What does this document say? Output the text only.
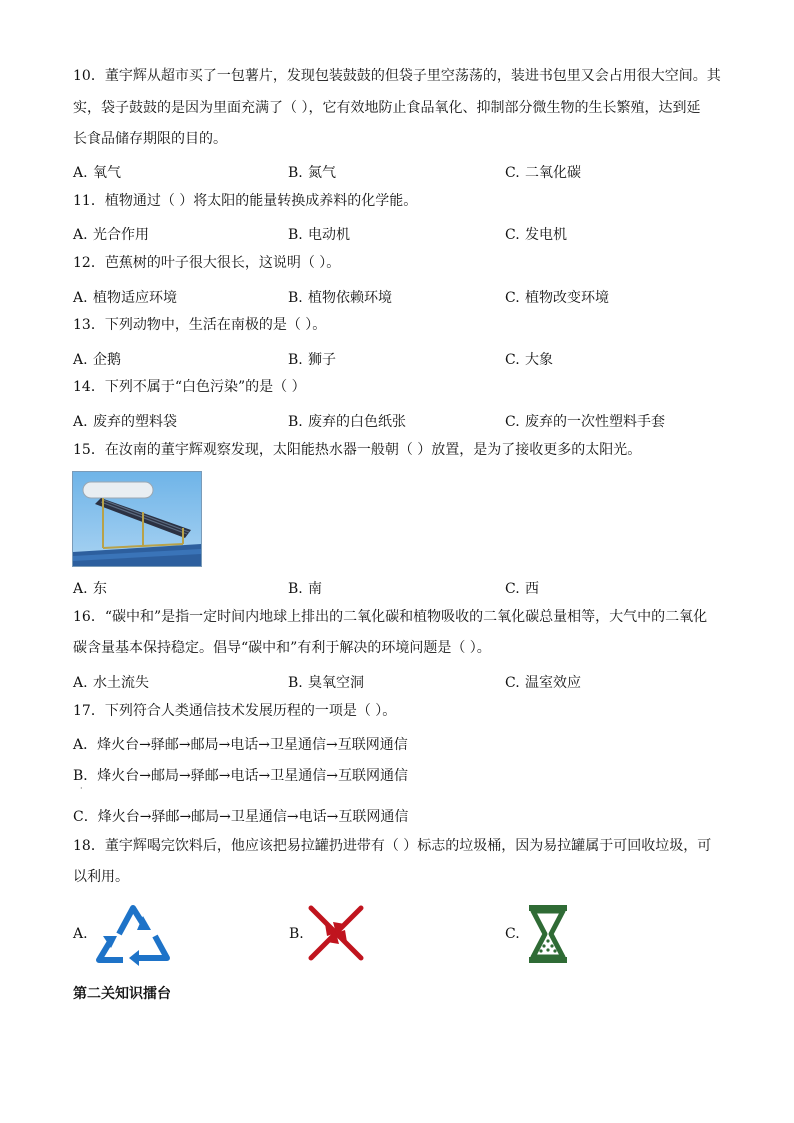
10．董宇辉从超市买了一包薯片，发现包装鼓鼓的但袋子里空荡荡的，装进书包里又会占用很大空间。其

实，袋子鼓鼓的是因为里面充满了（ ），它有效地防止食品氧化、抑制部分微生物的生长繁殖，达到延

长食品储存期限的目的。

A. 氧气	B. 氮气	C. 二氧化碳

11．植物通过（ ）将太阳的能量转换成养料的化学能。

A. 光合作用	B. 电动机	C. 发电机

12．芭蕉树的叶子很大很长，这说明（ ）。

A. 植物适应环境	B. 植物依赖环境	C. 植物改变环境

13．下列动物中，生活在南极的是（ ）。

A. 企鹅	B. 狮子	C. 大象

14．下列不属于“白色污染”的是（ ）

A. 废弃的塑料袋	B. 废弃的白色纸张	C. 废弃的一次性塑料手套

15．在汝南的董宇辉观察发现，太阳能热水器一般朝（ ）放置，是为了接收更多的太阳光。

A. 东	B. 南	C. 西

16．“碳中和”是指一定时间内地球上排出的二氧化碳和植物吸收的二氧化碳总量相等，大气中的二氧化

碳含量基本保持稳定。倡导“碳中和”有利于解决的环境问题是（ ）。

A. 水土流失	B. 臭氧空洞	C. 温室效应

17．下列符合人类通信技术发展历程的一项是（ ）。

A．烽火台→驿邮→邮局→电话→卫星通信→互联网通信
B．烽火台→邮局→驿邮→电话→卫星通信→互联网通信
·
C．烽火台→驿邮→邮局→卫星通信→电话→互联网通信

18．董宇辉喝完饮料后，他应该把易拉罐扔进带有（ ）标志的垃圾桶，因为易拉罐属于可回收垃圾，可

以利用。

A.	B.	C.
第二关知识擂台
